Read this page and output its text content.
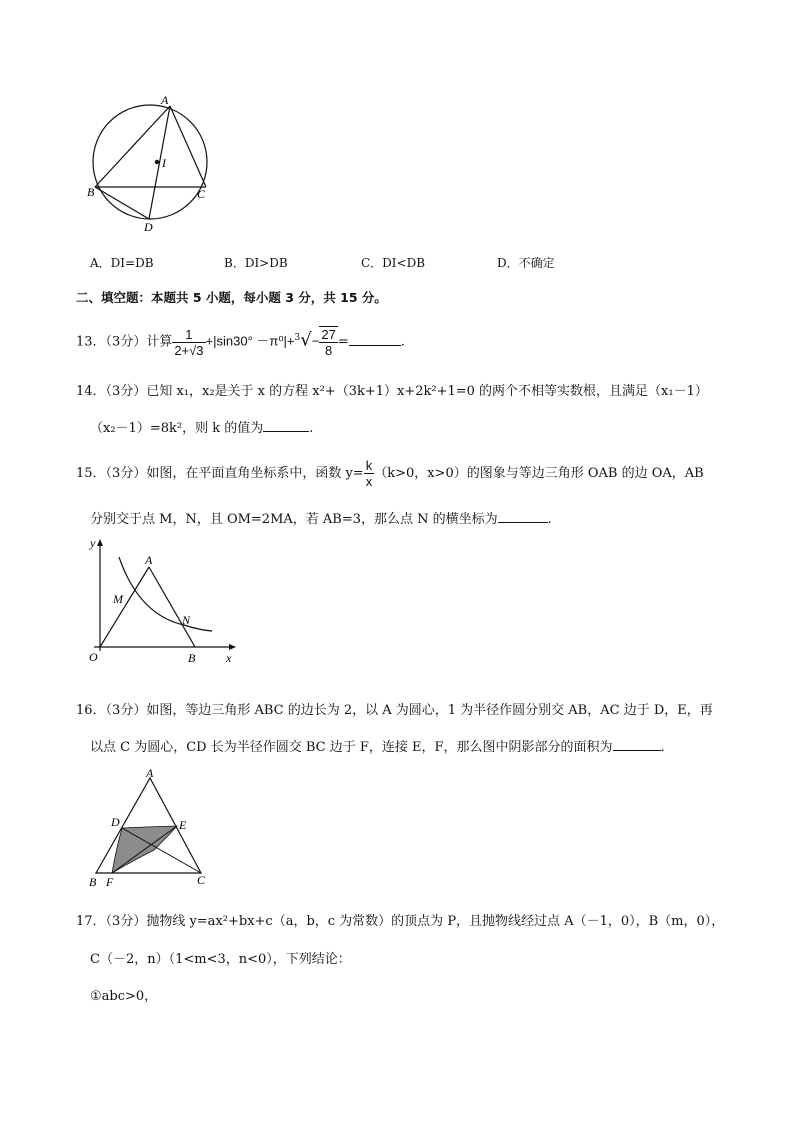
A
I
B	C
D
A．DI=DB	B．DI>DB	C．DI<DB	D．不确定
二、填空题：本题共 5 小题，每小题 3 分，共 15 分。
13．（3分）计算 $\frac{1}{2+√3} +|\sin 30^\circ -\pi^0|+^3√- \frac{27}{8}$ =	.
14．（3分）已知 x₁，x₂是关于 x 的方程 x²+（3k+1）x+2k²+1=0 的两个不相等实数根，且满足（x₁－1）
（x₂－1）=8k²，则 k 的值为	.
15．（3分）如图，在平面直角坐标系中，函数 $y= \frac{k}{x} (k>0$，x>0）的图象与等边三角形 OAB 的边 OA，AB
分别交于点 M，N，且 OM=2MA，若 AB=3，那么点 N 的横坐标为	.
y
x
O
A
M
N
B
16．（3分）如图，等边三角形 ABC 的边长为 2，以 A 为圆心，1 为半径作圆分别交 AB，AC 边于 D，E，再
以点 C 为圆心，CD 长为半径作圆交 BC 边于 F，连接 E，F，那么图中阴影部分的面积为	.
A
D	E
B F	C
17．（3分）抛物线 y=ax²+bx+c（a，b，c 为常数）的顶点为 P，且抛物线经过点 A（－1，0），B（m，0），
C（－2，n）（1<m<3，n<0），下列结论：
①abc>0，
